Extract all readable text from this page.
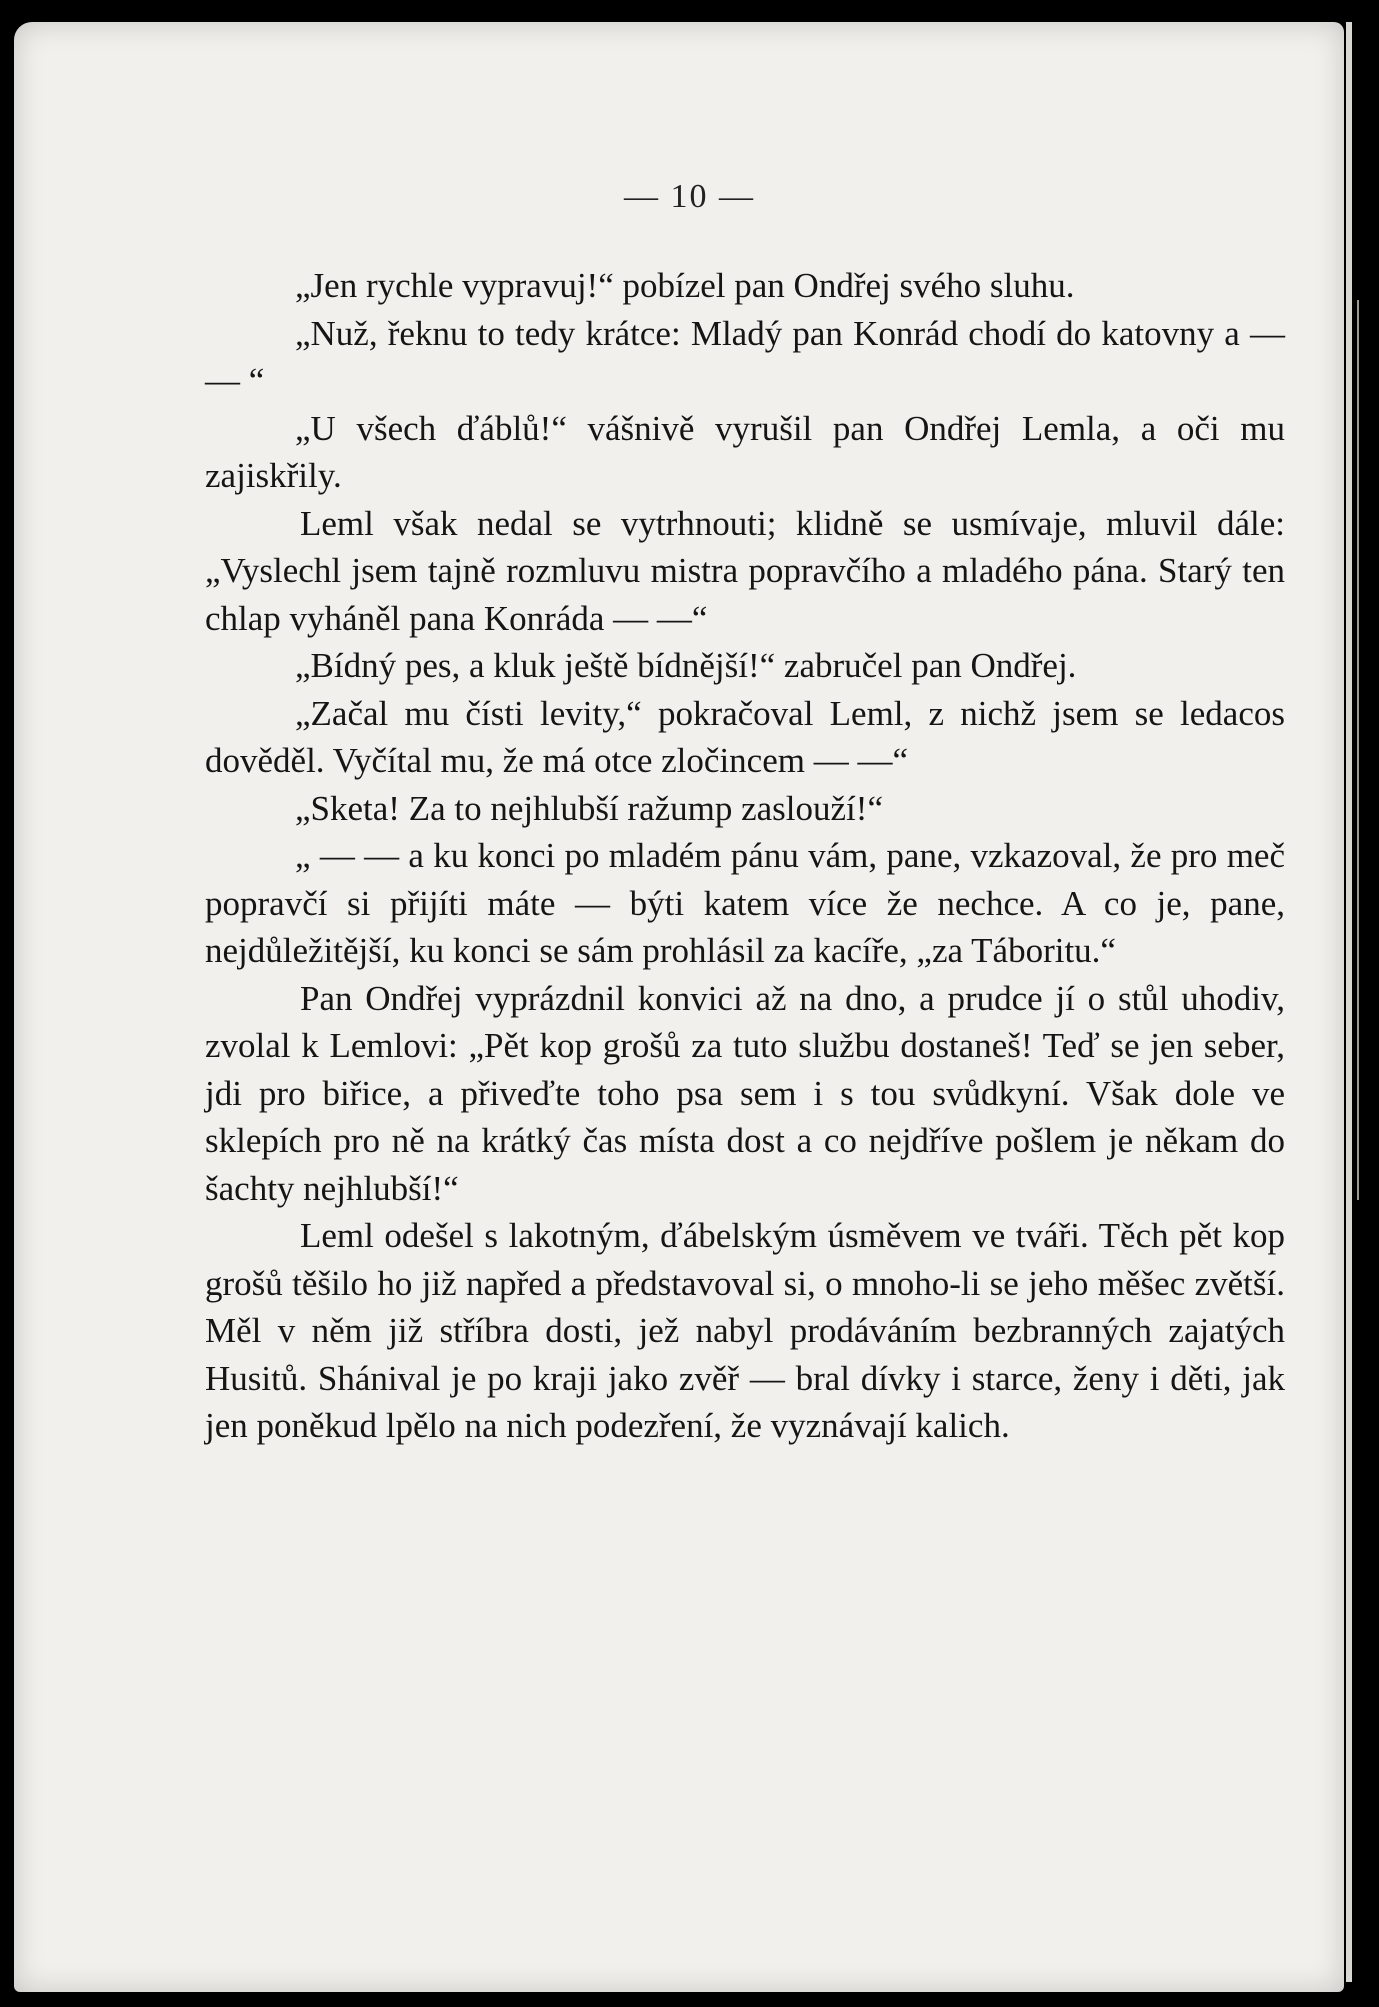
— 10 —

„Jen rychle vypravuj!“ pobízel pan Ondřej svého sluhu.

„Nuž, řeknu to tedy krátce: Mladý pan Konrád chodí do katovny a — — “

„U všech ďáblů!“ vášnivě vyrušil pan Ondřej Lemla, a oči mu zajiskřily.

Leml však nedal se vytrhnouti; klidně se usmívaje, mluvil dále: „Vyslechl jsem tajně rozmluvu mistra popravčího a mladého pána. Starý ten chlap vyháněl pana Konráda — —“

„Bídný pes, a kluk ještě bídnější!“ zabručel pan Ondřej.

„Začal mu čísti levity,“ pokračoval Leml, z nichž jsem se ledacos dověděl. Vyčítal mu, že má otce zločincem — —“

„Sketa! Za to nejhlubší ražump zaslouží!“

„ — — a ku konci po mladém pánu vám, pane, vzkazoval, že pro meč popravčí si přijíti máte — býti katem více že nechce. A co je, pane, nejdůležitější, ku konci se sám prohlásil za kacíře, „za Táboritu.“

Pan Ondřej vyprázdnil konvici až na dno, a prudce jí o stůl uhodiv, zvolal k Lemlovi: „Pět kop grošů za tuto službu dostaneš! Teď se jen seber, jdi pro biřice, a přiveďte toho psa sem i s tou svůdkyní. Však dole ve sklepích pro ně na krátký čas místa dost a co nejdříve pošlem je někam do šachty nejhlubší!“

Leml odešel s lakotným, ďábelským úsměvem ve tváři. Těch pět kop grošů těšilo ho již napřed a představoval si, o mnoho-li se jeho měšec zvětší. Měl v něm již stříbra dosti, jež nabyl prodáváním bezbranných zajatých Husitů. Shánival je po kraji jako zvěř — bral dívky i starce, ženy i děti, jak jen poněkud lpělo na nich podezření, že vyznávají kalich.
